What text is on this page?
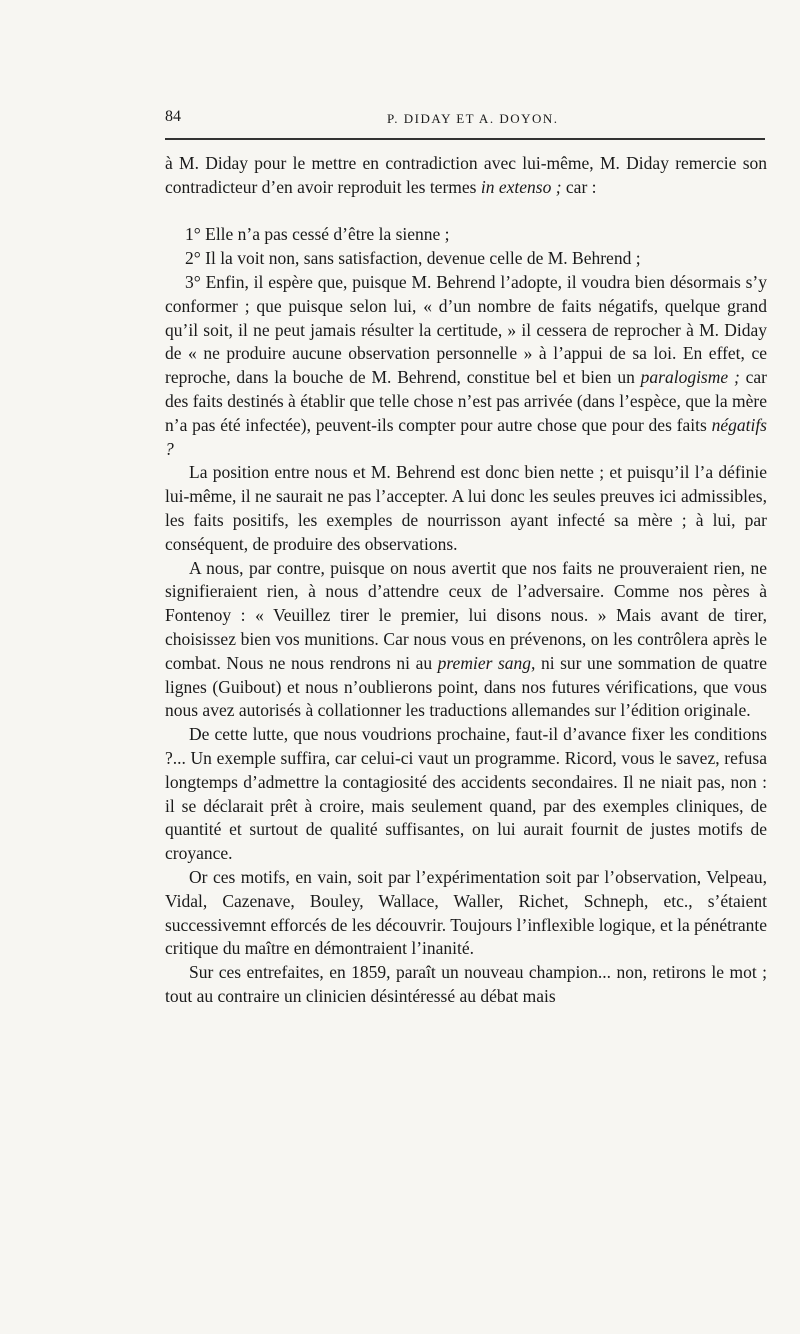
84	P. DIDAY ET A. DOYON.

à M. Diday pour le mettre en contradiction avec lui-même, M. Diday remercie son contradicteur d’en avoir reproduit les termes in extenso ; car :

1° Elle n’a pas cessé d’être la sienne ;

2° Il la voit non, sans satisfaction, devenue celle de M. Behrend ;

3° Enfin, il espère que, puisque M. Behrend l’adopte, il voudra bien désormais s’y conformer ; que puisque selon lui, « d’un nombre de faits négatifs, quelque grand qu’il soit, il ne peut jamais résulter la certitude, » il cessera de reprocher à M. Diday de « ne produire aucune observation personnelle » à l’appui de sa loi. En effet, ce reproche, dans la bouche de M. Behrend, constitue bel et bien un paralogisme ; car des faits destinés à établir que telle chose n’est pas arrivée (dans l’espèce, que la mère n’a pas été infectée), peuvent-ils compter pour autre chose que pour des faits négatifs ?

La position entre nous et M. Behrend est donc bien nette ; et puisqu’il l’a définie lui-même, il ne saurait ne pas l’accepter. A lui donc les seules preuves ici admissibles, les faits positifs, les exemples de nourrisson ayant infecté sa mère ; à lui, par conséquent, de produire des observations.

A nous, par contre, puisque on nous avertit que nos faits ne prouveraient rien, ne signifieraient rien, à nous d’attendre ceux de l’adversaire. Comme nos pères à Fontenoy : « Veuillez tirer le premier, lui disons nous. » Mais avant de tirer, choisissez bien vos munitions. Car nous vous en prévenons, on les contrôlera après le combat. Nous ne nous rendrons ni au premier sang, ni sur une sommation de quatre lignes (Guibout) et nous n’oublierons point, dans nos futures vérifications, que vous nous avez autorisés à collationner les traductions allemandes sur l’édition originale.

De cette lutte, que nous voudrions prochaine, faut-il d’avance fixer les conditions ?... Un exemple suffira, car celui-ci vaut un programme. Ricord, vous le savez, refusa longtemps d’admettre la contagiosité des accidents secondaires. Il ne niait pas, non : il se déclarait prêt à croire, mais seulement quand, par des exemples cliniques, de quantité et surtout de qualité suffisantes, on lui aurait fournit de justes motifs de croyance.

Or ces motifs, en vain, soit par l’expérimentation soit par l’observation, Velpeau, Vidal, Cazenave, Bouley, Wallace, Waller, Richet, Schneph, etc., s’étaient successivemnt efforcés de les découvrir. Toujours l’inflexible logique, et la pénétrante critique du maître en démontraient l’inanité.

Sur ces entrefaites, en 1859, paraît un nouveau champion... non, retirons le mot ; tout au contraire un clinicien désintéressé au débat mais
